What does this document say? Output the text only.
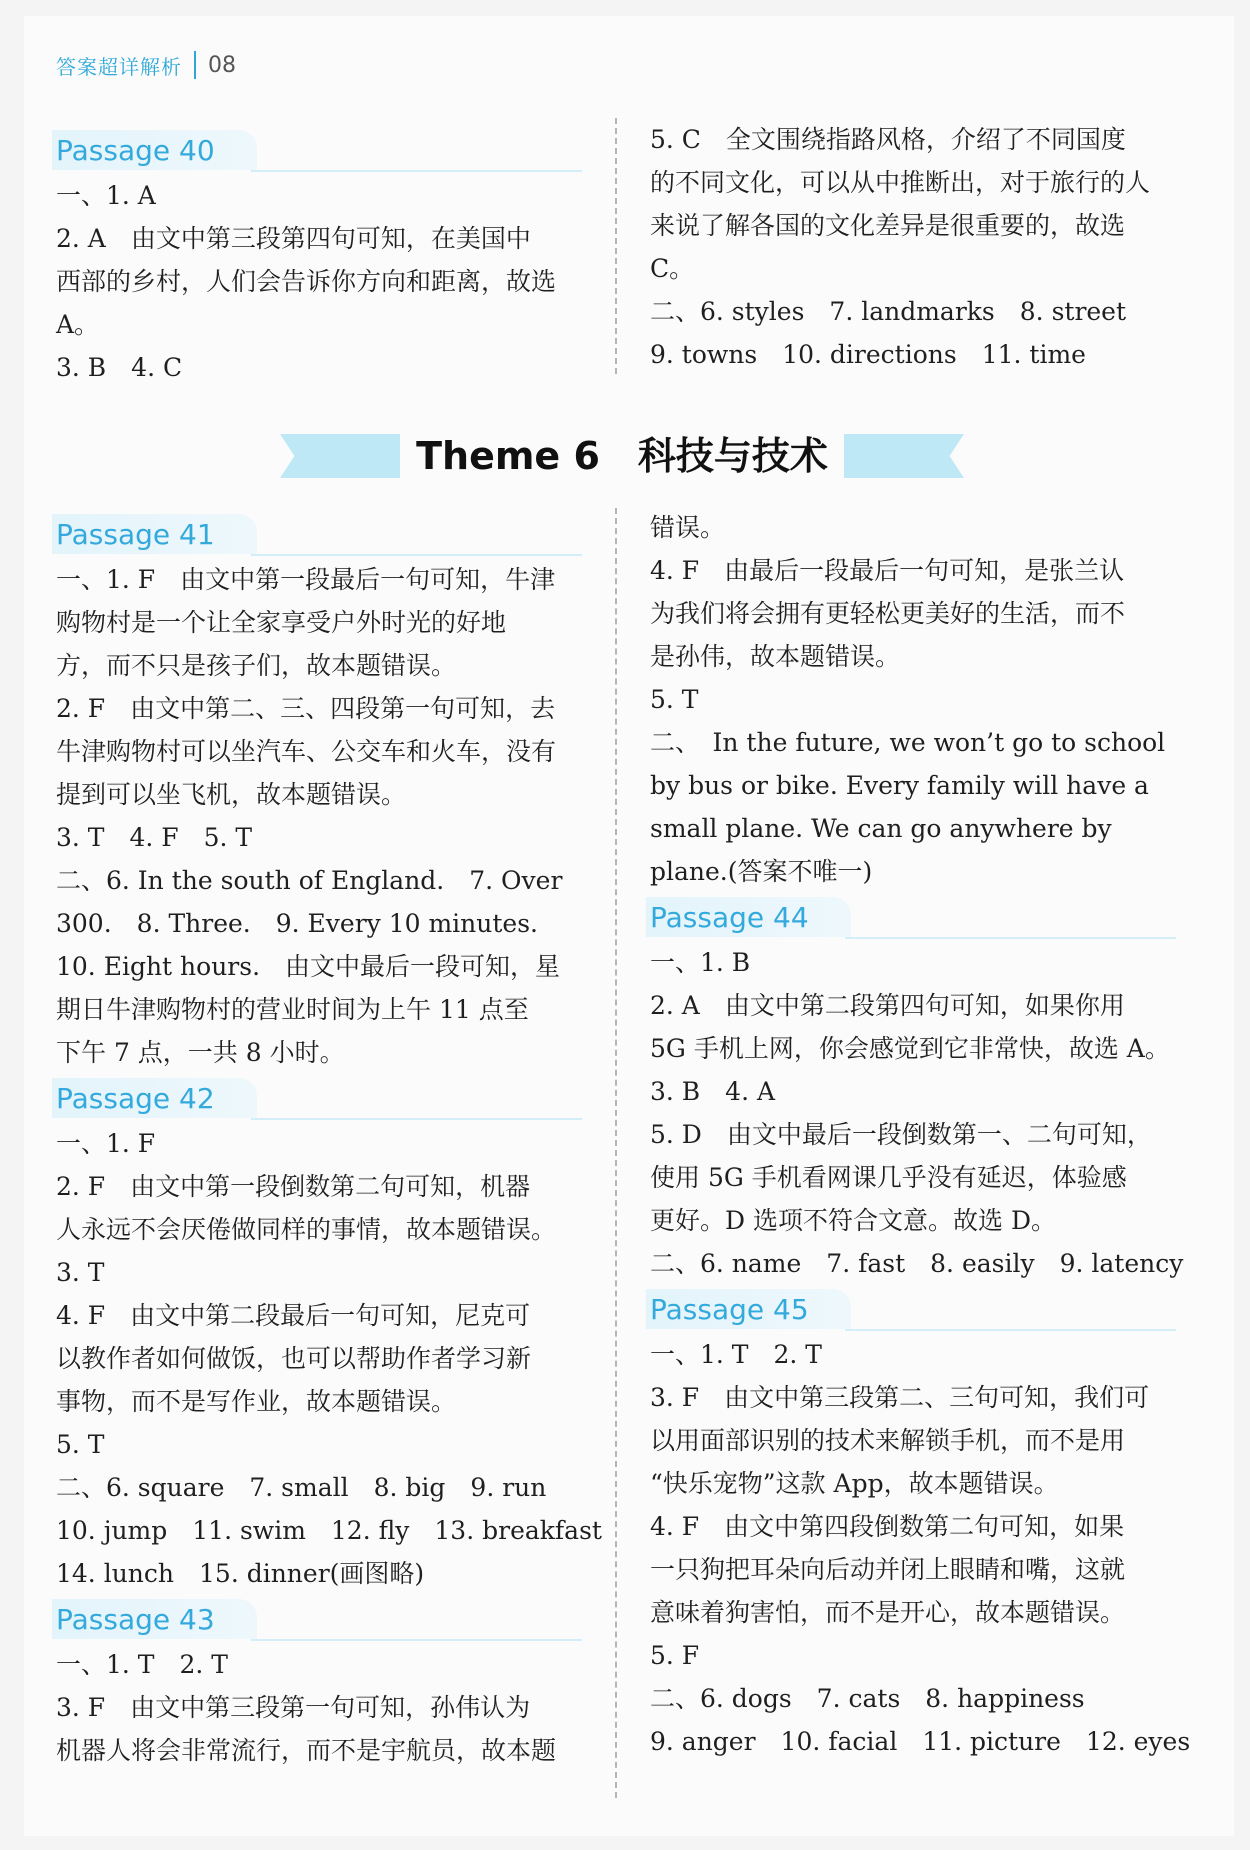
答案超详解析 08
Passage 40
一、1. A
2. A　由文中第三段第四句可知，在美国中
西部的乡村，人们会告诉你方向和距离，故选
A。
3. B　4. C
5. C　全文围绕指路风格，介绍了不同国度
的不同文化，可以从中推断出，对于旅行的人
来说了解各国的文化差异是很重要的，故选
C。
二、6. styles　7. landmarks　8. street
9. towns　10. directions　11. time
Theme 6　科技与技术
Passage 41
一、1. F　由文中第一段最后一句可知，牛津
购物村是一个让全家享受户外时光的好地
方，而不只是孩子们，故本题错误。
2. F　由文中第二、三、四段第一句可知，去
牛津购物村可以坐汽车、公交车和火车，没有
提到可以坐飞机，故本题错误。
3. T　4. F　5. T
二、6. In the south of England.　7. Over
300.　8. Three.　9. Every 10 minutes.
10. Eight hours.　由文中最后一段可知，星
期日牛津购物村的营业时间为上午 11 点至
下午 7 点，一共 8 小时。
Passage 42
一、1. F
2. F　由文中第一段倒数第二句可知，机器
人永远不会厌倦做同样的事情，故本题错误。
3. T
4. F　由文中第二段最后一句可知，尼克可
以教作者如何做饭，也可以帮助作者学习新
事物，而不是写作业，故本题错误。
5. T
二、6. square　7. small　8. big　9. run
10. jump　11. swim　12. fly　13. breakfast
14. lunch　15. dinner(画图略)
Passage 43
一、1. T　2. T
3. F　由文中第三段第一句可知，孙伟认为
机器人将会非常流行，而不是宇航员，故本题
错误。
4. F　由最后一段最后一句可知，是张兰认
为我们将会拥有更轻松更美好的生活，而不
是孙伟，故本题错误。
5. T
二、　In the future, we won’t go to school
by bus or bike. Every family will have a
small plane. We can go anywhere by
plane.(答案不唯一)
Passage 44
一、1. B
2. A　由文中第二段第四句可知，如果你用
5G 手机上网，你会感觉到它非常快，故选 A。
3. B　4. A
5. D　由文中最后一段倒数第一、二句可知，
使用 5G 手机看网课几乎没有延迟，体验感
更好。D 选项不符合文意。故选 D。
二、6. name　7. fast　8. easily　9. latency
Passage 45
一、1. T　2. T
3. F　由文中第三段第二、三句可知，我们可
以用面部识别的技术来解锁手机，而不是用
“快乐宠物”这款 App，故本题错误。
4. F　由文中第四段倒数第二句可知，如果
一只狗把耳朵向后动并闭上眼睛和嘴，这就
意味着狗害怕，而不是开心，故本题错误。
5. F
二、6. dogs　7. cats　8. happiness
9. anger　10. facial　11. picture　12. eyes
